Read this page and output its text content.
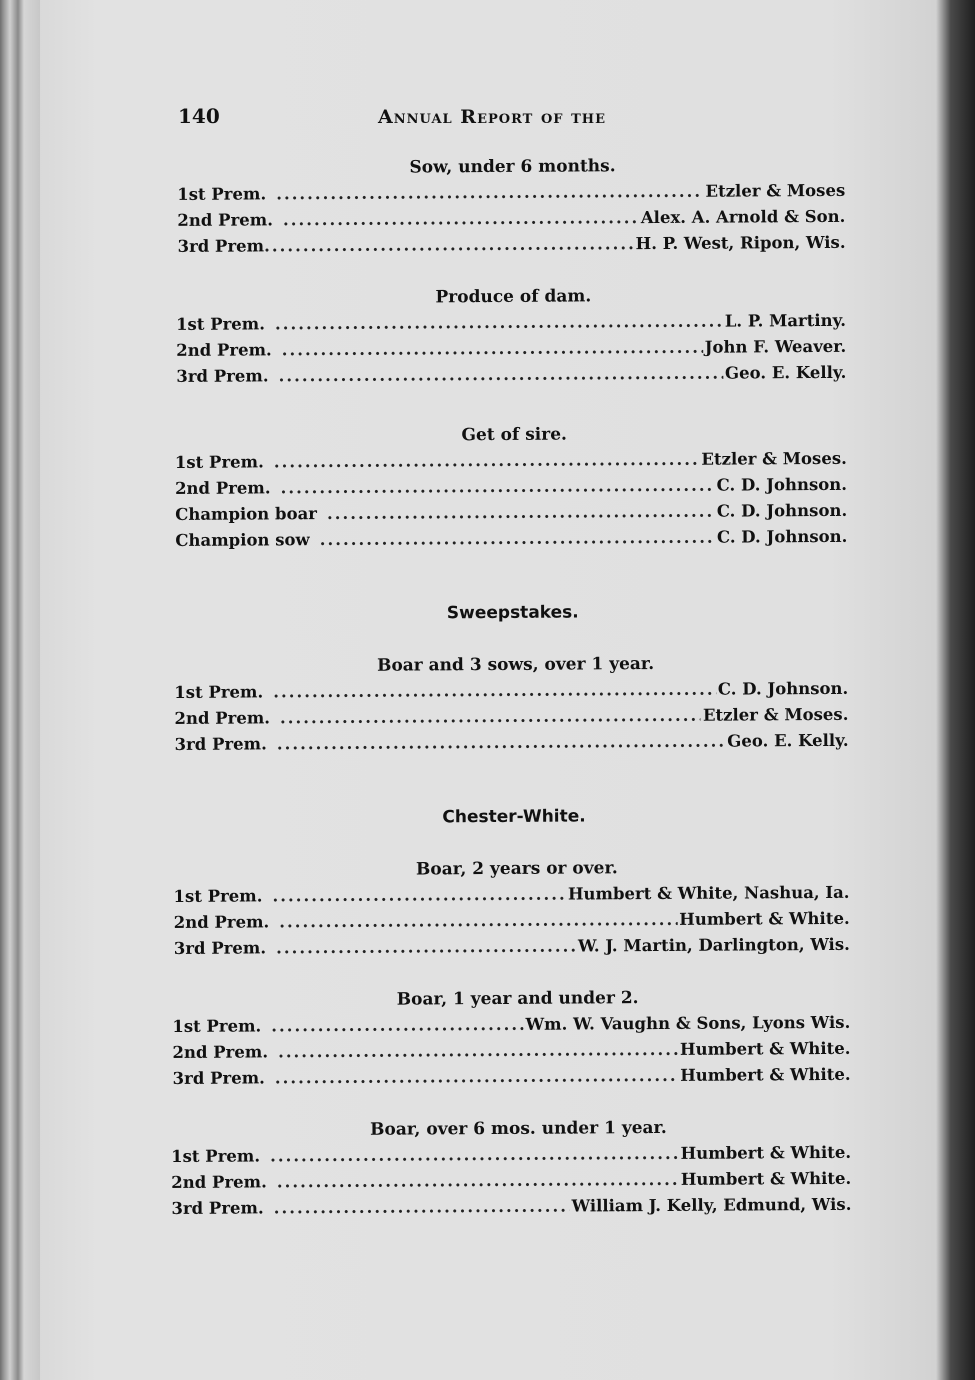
140	Annual Report of the
Sow, under 6 months.
1st Prem. .....	Etzler & Moses
2nd Prem. .....	Alex. A. Arnold & Son.
3rd Prem .....	H. P. West, Ripon, Wis.
Produce of dam.
1st Prem. .....	L. P. Martiny.
2nd Prem. .....	John F. Weaver.
3rd Prem. .....	Geo. E. Kelly.
Get of sire.
1st Prem. .....	Etzler & Moses.
2nd Prem. .....	C. D. Johnson.
Champion boar .....	C. D. Johnson.
Champion sow .....	C. D. Johnson.
Sweepstakes.
Boar and 3 sows, over 1 year.
1st Prem. .....	C. D. Johnson.
2nd Prem. .....	Etzler & Moses.
3rd Prem. .....	Geo. E. Kelly.
Chester-White.
Boar, 2 years or over.
1st Prem. .....	Humbert & White, Nashua, Ia.
2nd Prem. .....	Humbert & White.
3rd Prem. .....	W. J. Martin, Darlington, Wis.
Boar, 1 year and under 2.
1st Prem. .....	Wm. W. Vaughn & Sons, Lyons Wis.
2nd Prem. .....	Humbert & White.
3rd Prem. .....	Humbert & White.
Boar, over 6 mos. under 1 year.
1st Prem. .....	Humbert & White.
2nd Prem. .....	Humbert & White.
3rd Prem. .....	William J. Kelly, Edmund, Wis.
